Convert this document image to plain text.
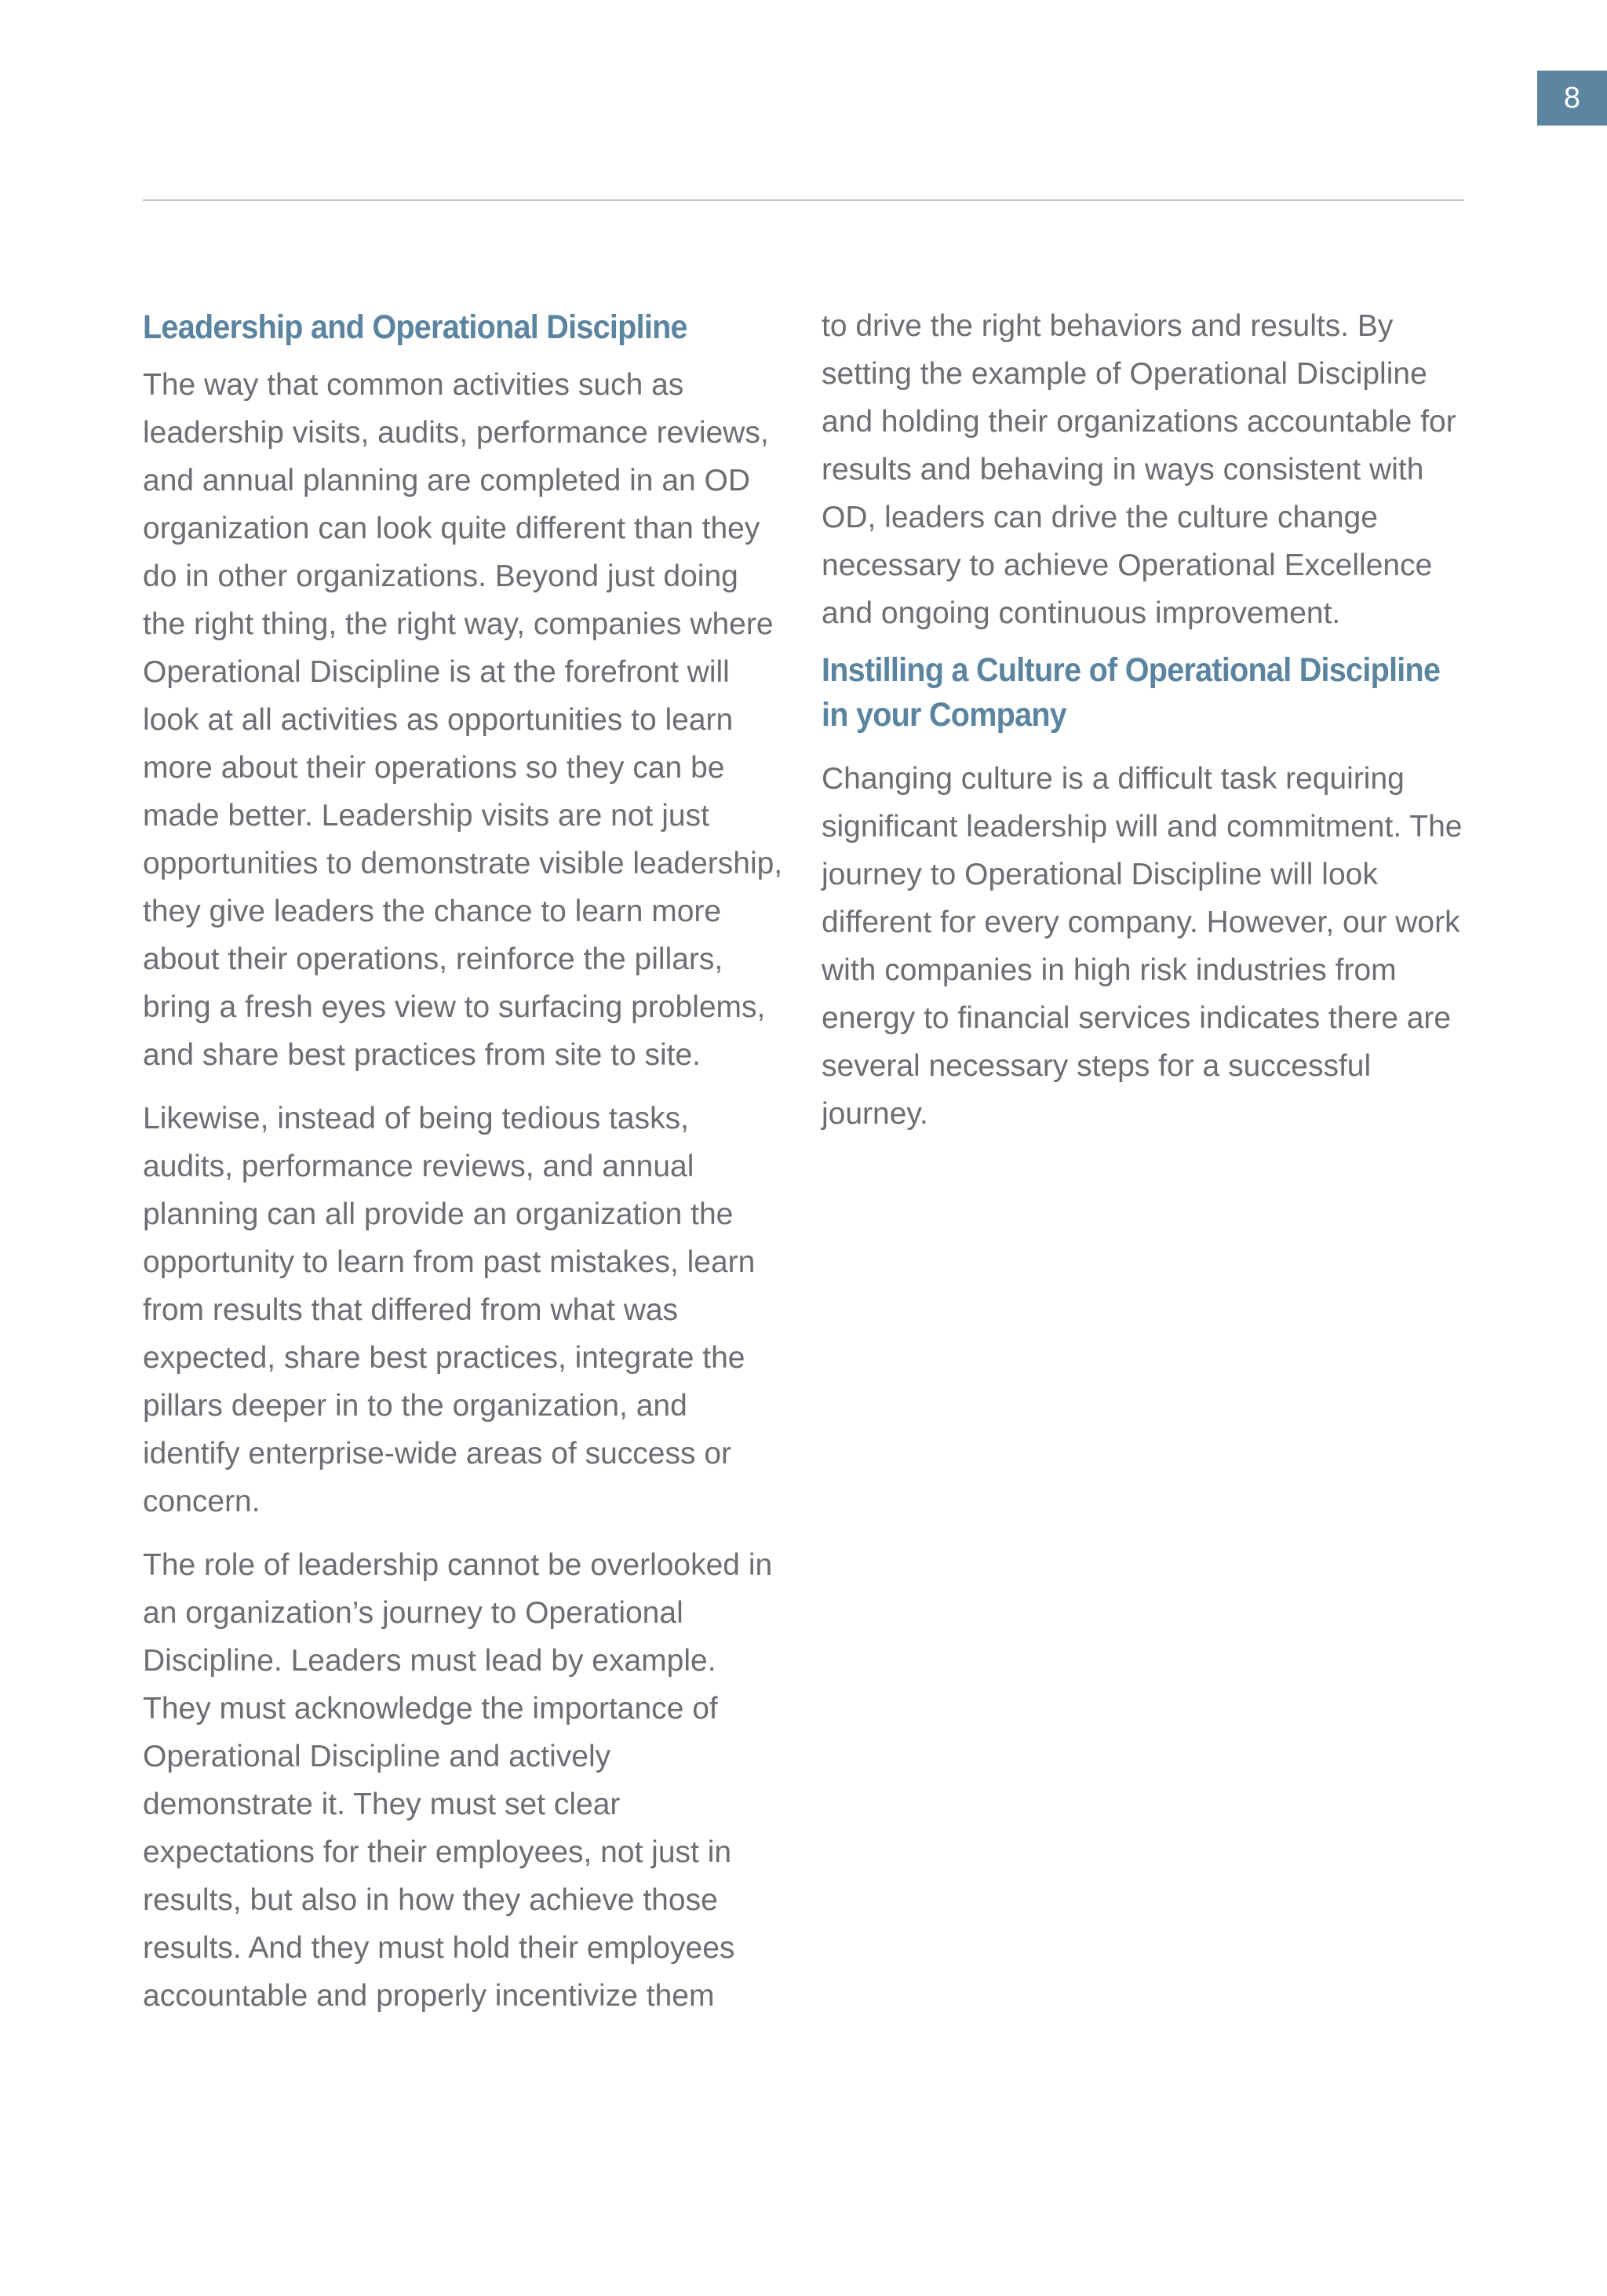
8
Leadership and Operational Discipline

The way that common activities such as leadership visits, audits, performance reviews, and annual planning are completed in an OD organization can look quite different than they do in other organizations. Beyond just doing the right thing, the right way, companies where Operational Discipline is at the forefront will look at all activities as opportunities to learn more about their operations so they can be made better. Leadership visits are not just opportunities to demonstrate visible leadership, they give leaders the chance to learn more about their operations, reinforce the pillars, bring a fresh eyes view to surfacing problems, and share best practices from site to site.

Likewise, instead of being tedious tasks, audits, performance reviews, and annual planning can all provide an organization the opportunity to learn from past mistakes, learn from results that differed from what was expected, share best practices, integrate the pillars deeper in to the organization, and identify enterprise-wide areas of success or concern.

The role of leadership cannot be overlooked in an organization’s journey to Operational Discipline. Leaders must lead by example. They must acknowledge the importance of Operational Discipline and actively demonstrate it. They must set clear expectations for their employees, not just in results, but also in how they achieve those results. And they must hold their employees accountable and properly incentivize them

to drive the right behaviors and results. By setting the example of Operational Discipline and holding their organizations accountable for results and behaving in ways consistent with OD, leaders can drive the culture change necessary to achieve Operational Excellence and ongoing continuous improvement.

Instilling a Culture of Operational Discipline in your Company

Changing culture is a difficult task requiring significant leadership will and commitment. The journey to Operational Discipline will look different for every company. However, our work with companies in high risk industries from energy to financial services indicates there are several necessary steps for a successful journey.
